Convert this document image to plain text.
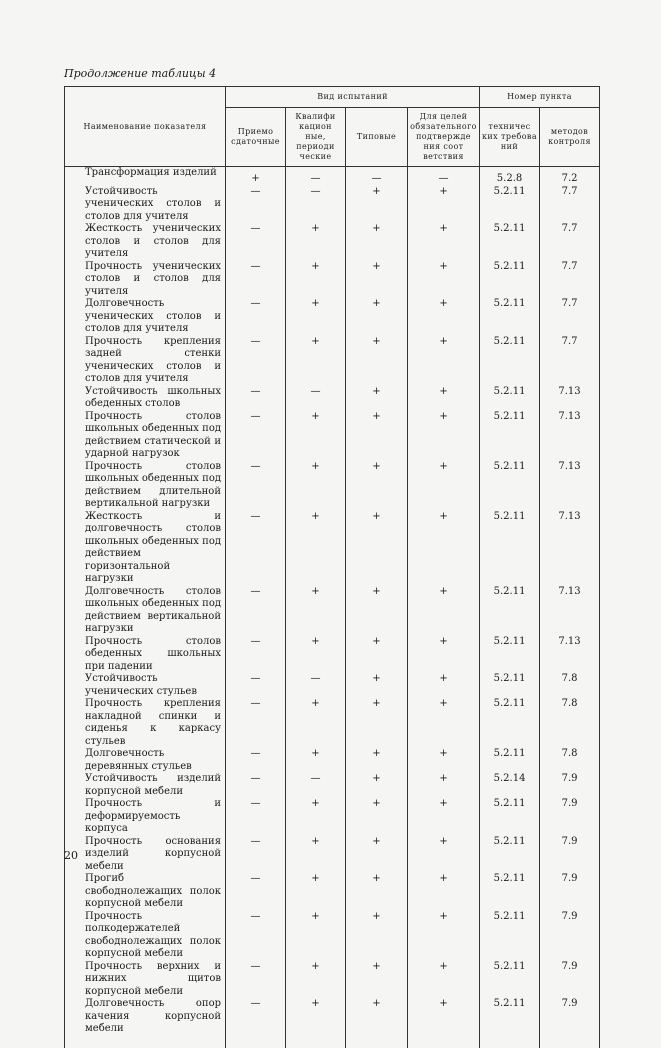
Продолжение таблицы 4
Наименование показателя	Вид испытаний				Номер пункта	
	Приемо сдаточные	Квалифи кацион ные, периоди ческие	Типовые	Для целей обязательного подтвержде ния соот ветствия	техничес ких требова ний	методов контроля
Трансформация изделий	+	—	—	—	5.2.8	7.2
Устойчивость ученических столов и столов для учителя	—	—	+	+	5.2.11	7.7
Жесткость ученических столов и столов для учителя	—	+	+	+	5.2.11	7.7
Прочность ученических столов и столов для учителя	—	+	+	+	5.2.11	7.7
Долговечность ученических столов и столов для учителя	—	+	+	+	5.2.11	7.7
Прочность крепления задней стенки ученических столов и столов для учителя	—	+	+	+	5.2.11	7.7
Устойчивость школьных обеденных столов	—	—	+	+	5.2.11	7.13
Прочность столов школьных обеденных под действием статической и ударной нагрузок	—	+	+	+	5.2.11	7.13
Прочность столов школьных обеденных под действием длительной вертикальной нагрузки	—	+	+	+	5.2.11	7.13
Жесткость и долговечность столов школьных обеденных под действием горизонтальной нагрузки	—	+	+	+	5.2.11	7.13
Долговечность столов школьных обеденных под действием вертикальной нагрузки	—	+	+	+	5.2.11	7.13
Прочность столов обеденных школьных при падении	—	+	+	+	5.2.11	7.13
Устойчивость ученических стульев	—	—	+	+	5.2.11	7.8
Прочность крепления накладной спинки и сиденья к каркасу стульев	—	+	+	+	5.2.11	7.8
Долговечность деревянных стульев	—	+	+	+	5.2.11	7.8
Устойчивость изделий корпусной мебели	—	—	+	+	5.2.14	7.9
Прочность и деформируемость корпуса	—	+	+	+	5.2.11	7.9
Прочность основания изделий корпусной мебели	—	+	+	+	5.2.11	7.9
Прогиб свободнолежащих полок корпусной мебели	—	+	+	+	5.2.11	7.9
Прочность полкодержателей свободнолежащих полок корпусной мебели	—	+	+	+	5.2.11	7.9
Прочность верхних и нижних щитов корпусной мебели	—	+	+	+	5.2.11	7.9
Долговечность опор качения корпусной мебели	—	+	+	+	5.2.11	7.9

20
